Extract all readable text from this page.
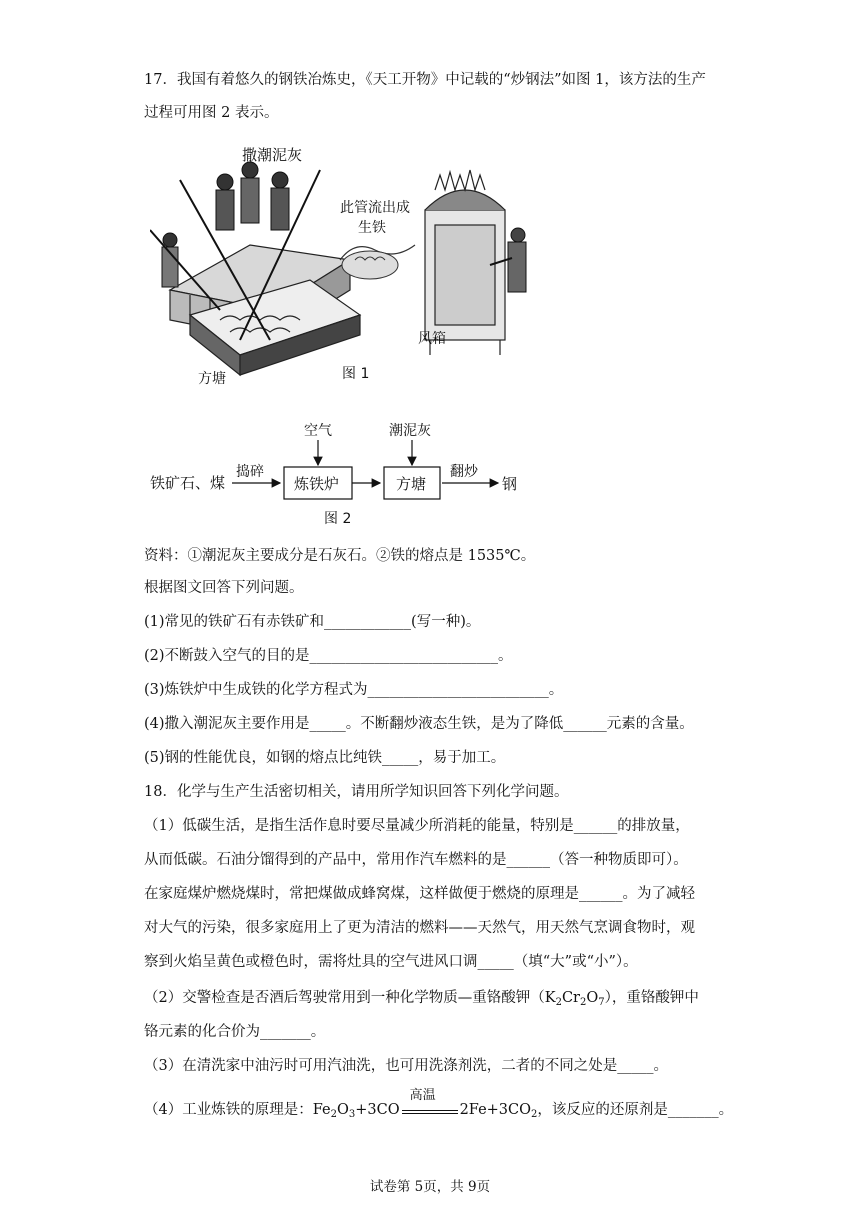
17．我国有着悠久的钢铁冶炼史，《天工开物》中记载的“炒钢法”如图 1，该方法的生产
过程可用图 2 表示。
撒潮泥灰
此管流出成
生铁
风箱
方塘	图 1
铁矿石、煤
捣碎
炼铁炉
空气
方塘
潮泥灰
翻炒
钢
图 2
资料：①潮泥灰主要成分是石灰石。②铁的熔点是 1535℃。
根据图文回答下列问题。
(1)常见的铁矿石有赤铁矿和____________(写一种)。
(2)不断鼓入空气的目的是__________________________。
(3)炼铁炉中生成铁的化学方程式为_________________________。
(4)撒入潮泥灰主要作用是_____。不断翻炒液态生铁，是为了降低______元素的含量。
(5)钢的性能优良，如钢的熔点比纯铁_____，易于加工。
18．化学与生产生活密切相关，请用所学知识回答下列化学问题。
（1）低碳生活，是指生活作息时要尽量减少所消耗的能量，特别是______的排放量，
从而低碳。石油分馏得到的产品中，常用作汽车燃料的是______（答一种物质即可）。
在家庭煤炉燃烧煤时，常把煤做成蜂窝煤，这样做便于燃烧的原理是______。为了减轻
对大气的污染，很多家庭用上了更为清洁的燃料——天然气，用天然气烹调食物时，观
察到火焰呈黄色或橙色时，需将灶具的空气进风口调_____（填“大”或“小”）。
（2）交警检查是否酒后驾驶常用到一种化学物质—重铬酸钾$(K_2Cr_2O_7)$，重铬酸钾中
铬元素的化合价为_______。
（3）在清洗家中油污时可用汽油洗，也可用洗涤剂洗，二者的不同之处是_____。
（4）工业炼铁的原理是：$Fe_2O_3+3CO$
高温
$2Fe+3CO_2$，该反应的还原剂是_______。
试卷第 5页，共 9页
